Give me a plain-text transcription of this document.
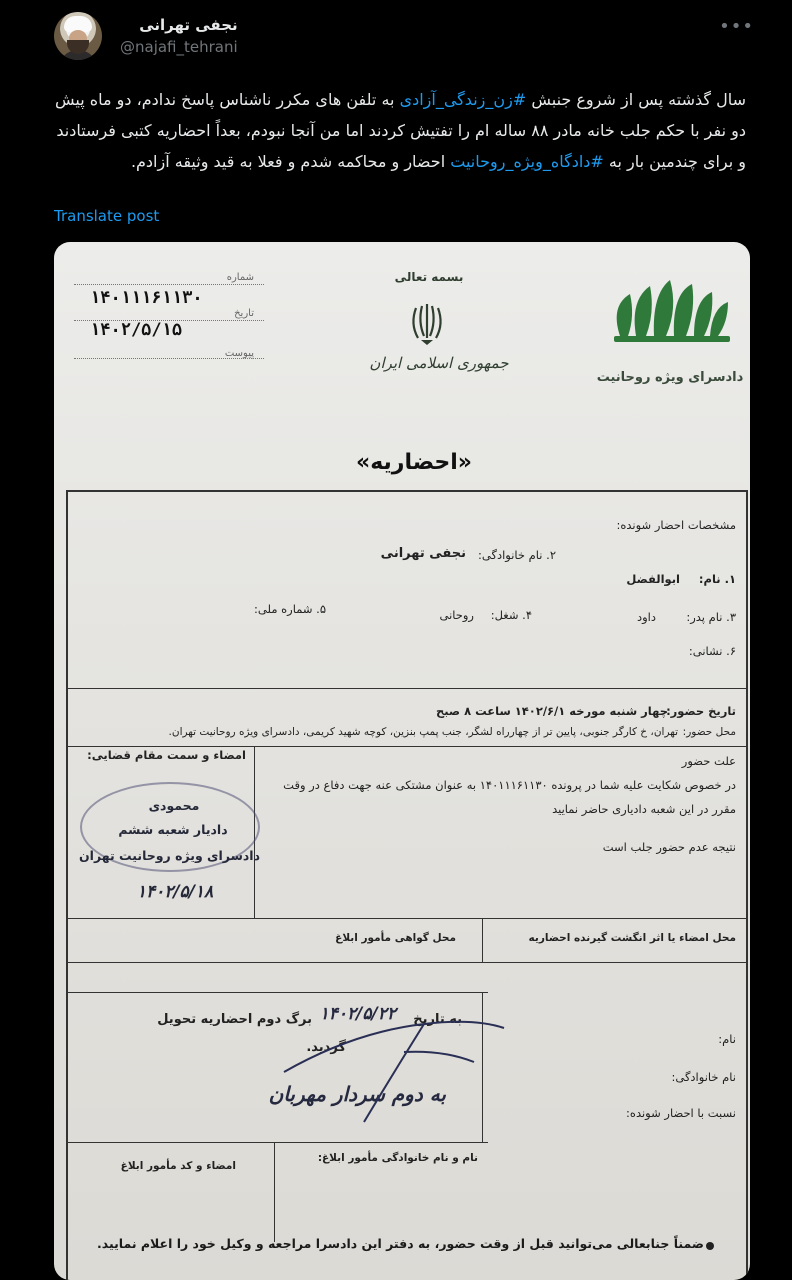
نجفی تهرانی
@najafi_tehrani
•••
سال گذشته پس از شروع جنبش #زن_زندگی_آزادی به تلفن های مکرر ناشناس پاسخ ندادم، دو ماه پیش دو نفر با حکم جلب خانه مادر ۸۸ ساله ام را تفتیش کردند اما من آنجا نبودم، بعداً احضاریه کتبی فرستادند و برای چندمین بار به #دادگاه_ویژه_روحانیت احضار و محاکمه شدم و فعلا به قید وثیقه آزادم.
Translate post
دادسرای ویژه روحانیت
بسمه تعالی
جمهوری اسلامی ایران
شماره
۱۴۰۱۱۱۶۱۱۳۰
تاریخ
۱۴۰۲/۵/۱۵
پیوست
«احضاریه»
مشخصات احضار شونده:
۲. نام خانوادگی:
نجفی تهرانی
۱. نام:
ابوالفضل
۳. نام پدر:
داود
۴. شغل:
روحانی
۵. شماره ملی:
۶. نشانی:
تاریخ حضور:
چهار شنبه مورخه ۱۴۰۲/۶/۱ ساعت ۸ صبح
محل حضور:
تهران، خ کارگر جنوبی، پایین تر از چهارراه لشگر، جنب پمپ بنزین، کوچه شهید کریمی، دادسرای ویژه روحانیت تهران.
امضاء و سمت مقام قضایی:	علت حضور
در خصوص شکایت علیه شما در پرونده ۱۴۰۱۱۱۶۱۱۳۰ به عنوان مشتکی عنه جهت دفاع در وقت
مقرر در این شعبه دادیاری حاضر نمایید
نتیجه عدم حضور جلب است
محل امضاء یا اثر انگشت گیرنده احضاریه
محل گواهی مأمور ابلاغ
به تاریخ
۱۴۰۲/۵/۲۲
برگ دوم احضاریه تحویل
گردید.
به دوم سردار مهربان
نام:
نام خانوادگی:
نسبت با احضار شونده:
نام و نام خانوادگی مأمور ابلاغ:
امضاء و کد مأمور ابلاغ
محمودی
دادیار شعبه ششم
دادسرای ویژه روحانیت تهران
۱۴۰۲/۵/۱۸
ضمناً جنابعالی می‌توانید قبل از وقت حضور، به دفتر این دادسرا مراجعه و وکیل خود را اعلام نمایید.
